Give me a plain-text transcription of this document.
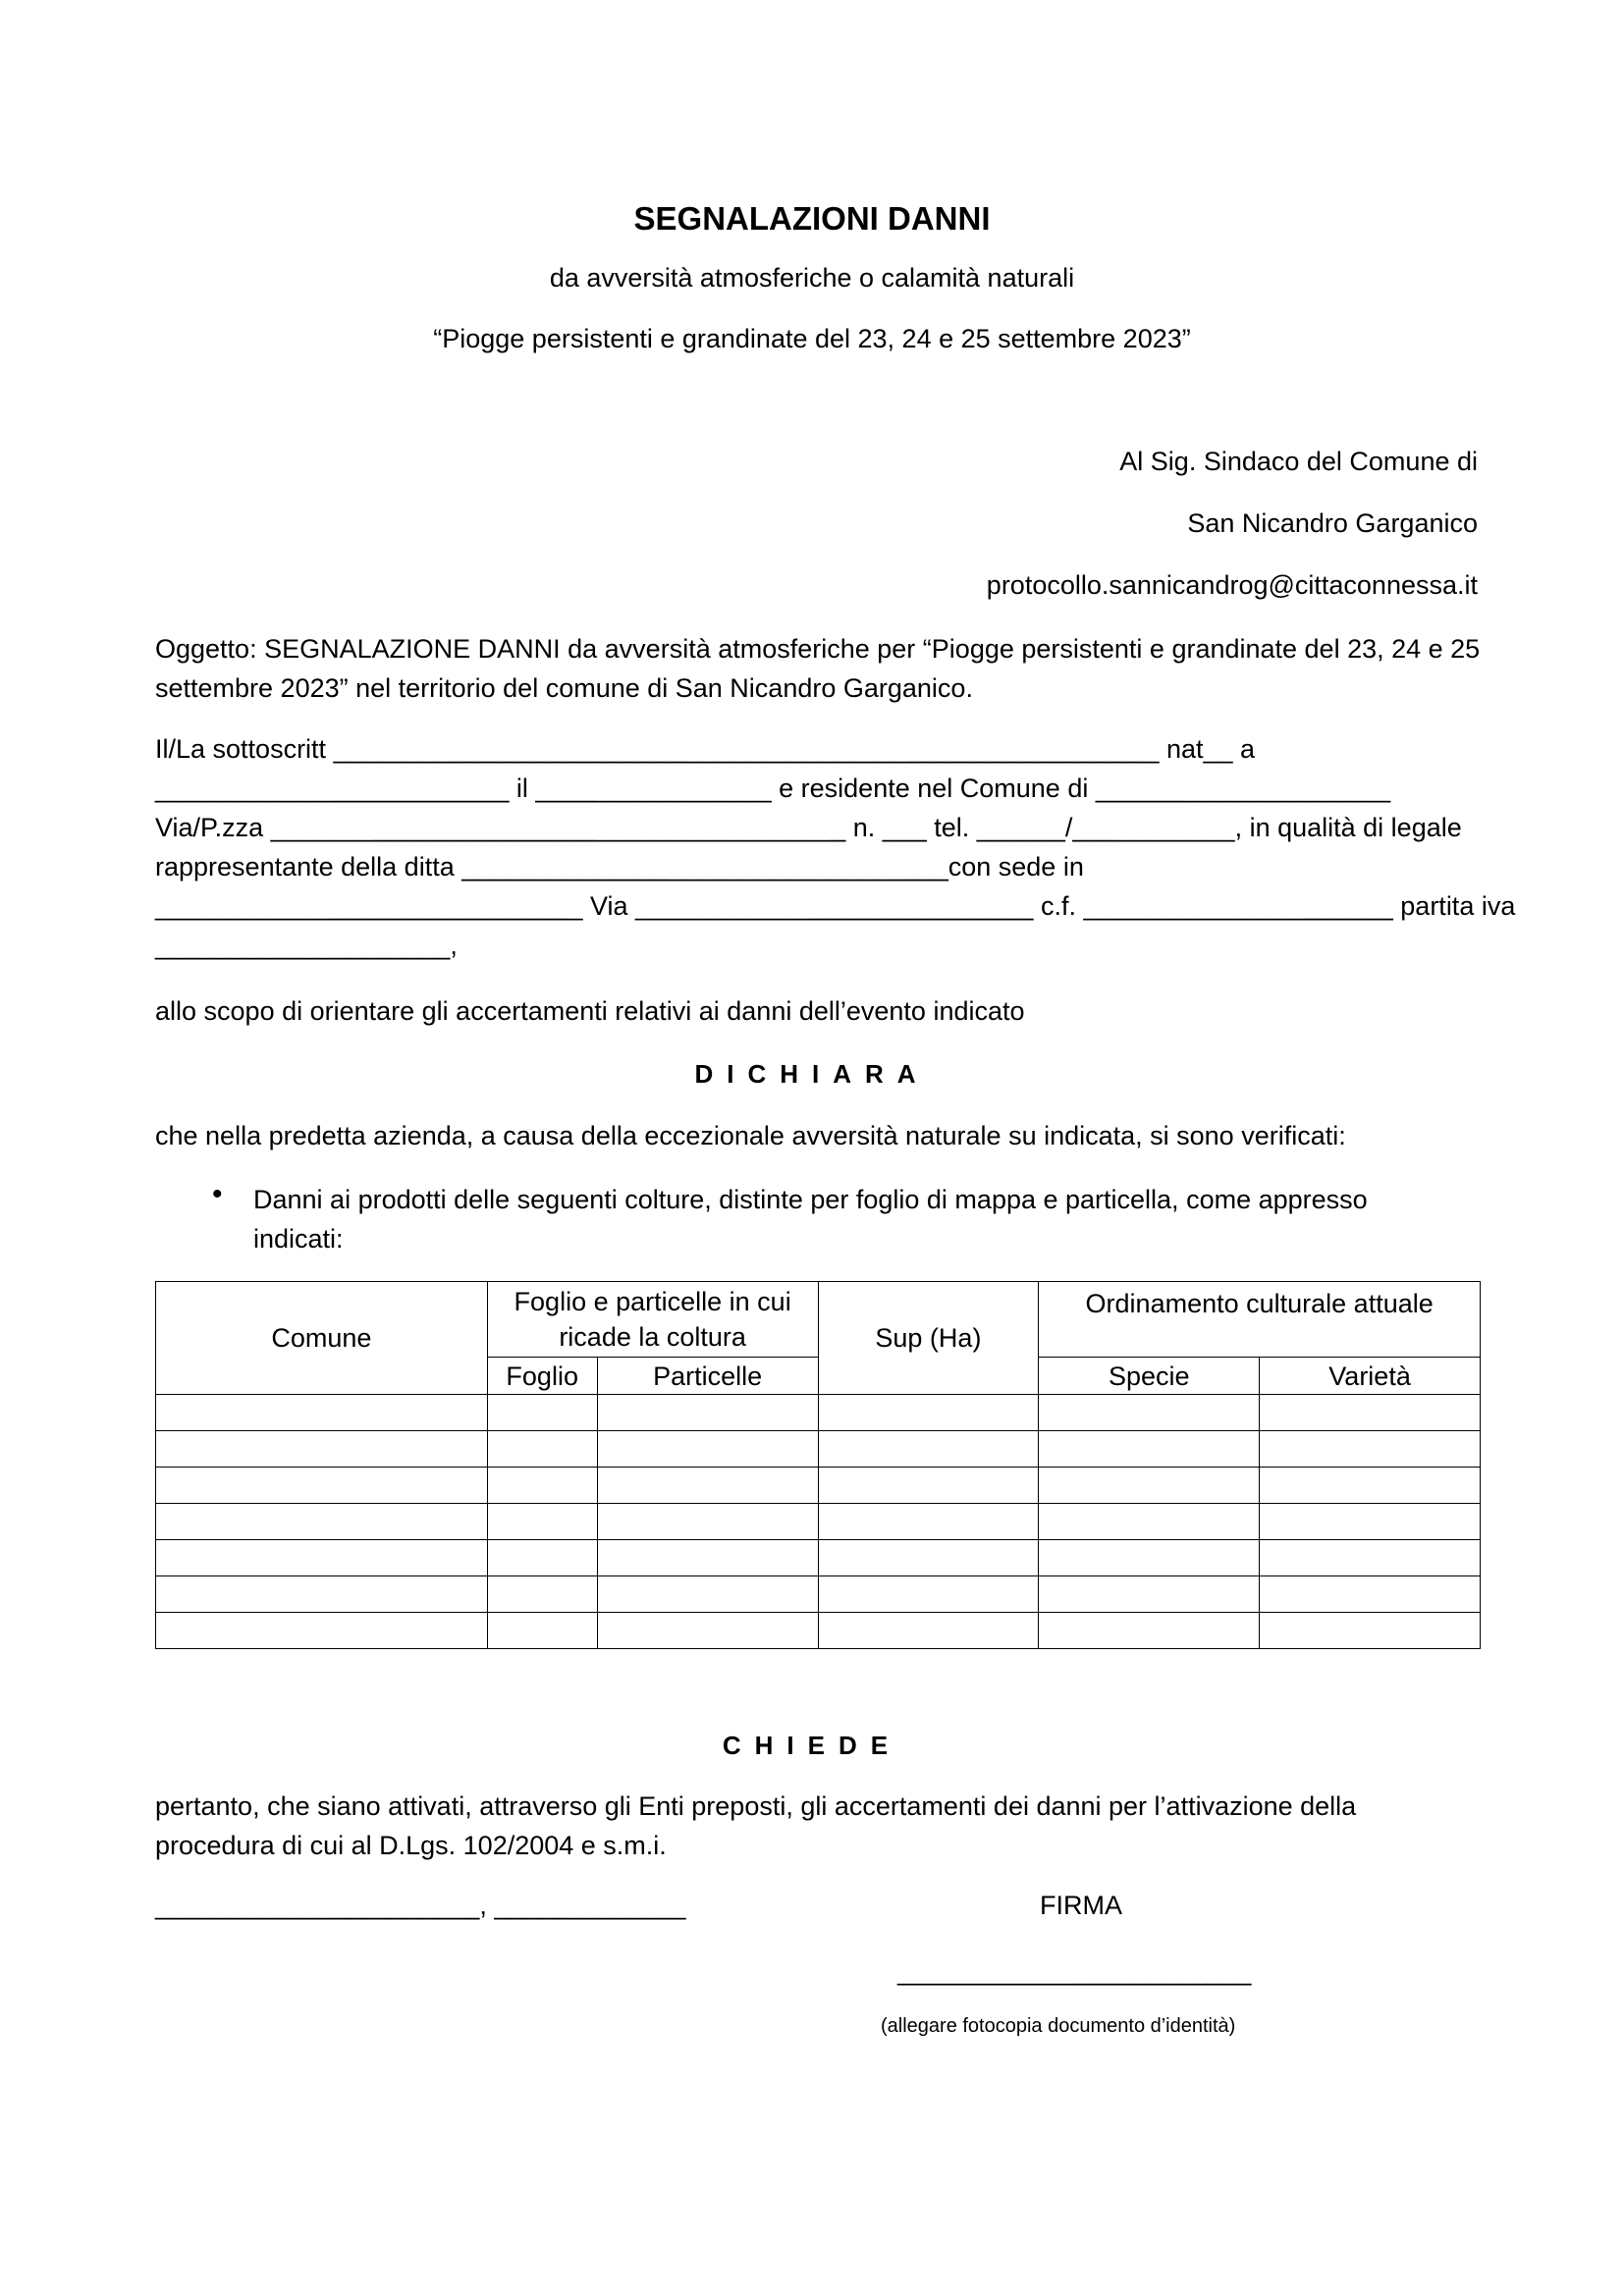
SEGNALAZIONI DANNI
da avversità atmosferiche o calamità naturali
“Piogge persistenti e grandinate del 23, 24 e 25 settembre 2023”
Al Sig. Sindaco del Comune di
San Nicandro Garganico
protocollo.sannicandrog@cittaconnessa.it
Oggetto: SEGNALAZIONE DANNI da avversità atmosferiche per “Piogge persistenti e grandinate del 23, 24 e 25 settembre 2023” nel territorio del comune di San Nicandro Garganico.
Il/La sottoscritt ________________________________________________________ nat__ a
________________________ il ________________ e residente nel Comune di ____________________
Via/P.zza _______________________________________ n. ___ tel. ______/___________, in qualità di legale
rappresentante della ditta _________________________________con sede in
_____________________________ Via ___________________________ c.f. _____________________ partita iva
____________________,
allo scopo di orientare gli accertamenti relativi ai danni dell’evento indicato
DICHIARA
che nella predetta azienda, a causa della eccezionale avversità naturale su indicata, si sono verificati:
• Danni ai prodotti delle seguenti colture, distinte per foglio di mappa e particella, come appresso indicati:
Comune	Foglio e particelle in cui ricade la coltura		Sup (Ha)	Ordinamento culturale attuale	
	Foglio	Particelle		Specie	Varietà

CHIEDE
pertanto, che siano attivati, attraverso gli Enti preposti, gli accertamenti dei danni per l’attivazione della procedura di cui al D.Lgs. 102/2004 e s.m.i.
______________________, _____________	FIRMA
________________________
(allegare fotocopia documento d’identità)
